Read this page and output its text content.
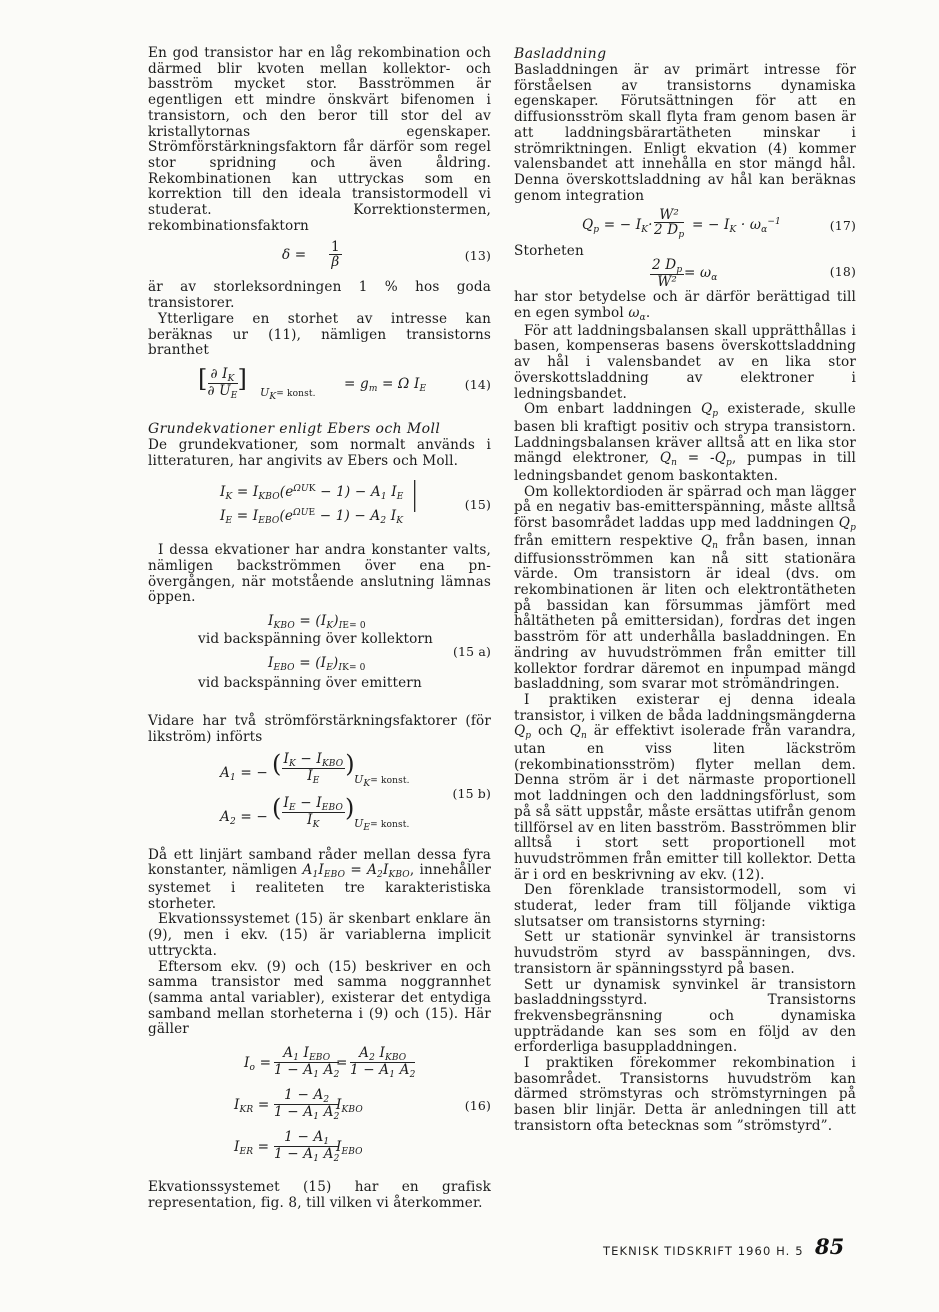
En god transistor har en låg rekombination och därmed blir kvoten mellan kollektor- och basström mycket stor. Basströmmen är egentligen ett mindre önskvärt bifenomen i transistorn, och den beror till stor del av kristallytornas egenskaper. Strömförstärkningsfaktorn får därför som regel stor spridning och även åldring. Rekombinationen kan uttryckas som en korrektion till den ideala transistormodell vi studerat. Korrektionstermen, rekombinationsfaktorn

$\delta = \frac{1}{\beta}$	(13)

är av storleksordningen 1 % hos goda transistorer.

Ytterligare en storhet av intresse kan beräknas ur (11), nämligen transistorns branthet

[ $\frac{\partial I_K}{\partial U_E}$ ] $U_K=$ konst.
= $g_m = \Omega$ $I_E$	(14)
Grundekvationer enligt Ebers och Moll

De grundekvationer, som normalt används i litteraturen, har angivits av Ebers och Moll.

$I_K = I_{KBO}(e^{\Omega UK} - 1) - A_1$ $I_E$
$I_E = I_{EBO}(e^{\Omega UE} - 1) - A_2$ $I_K$
|
|	(15)

I dessa ekvationer har andra konstanter valts, nämligen backströmmen över ena pn-övergången, när motstående anslutning lämnas öppen.

$I_{KBO} = (I_K)_{IE= 0}$
vid backspänning över kollektorn
$I_{EBO} = (I_E)_{IK= 0}$
vid backspänning över emittern
(15 a)

Vidare har två strömförstärkningsfaktorer (för likström) införts

$A_1$ = − ( $\frac{I_K - I_{KBO}}{I_E}$ )
$U_K=$ konst.
$A_2$ = − ( $\frac{I_E - I_{EBO}}{I_K}$ )
$U_E=$ konst.
(15 b)

Då ett linjärt samband råder mellan dessa fyra konstanter, nämligen $A_1I_{EBO} = A_2I_{KBO}$, innehåller systemet i realiteten tre karakteristiska storheter.

Ekvationssystemet (15) är skenbart enklare än (9), men i ekv. (15) är variablerna implicit uttryckta.

Eftersom ekv. (9) och (15) beskriver en och samma transistor med samma noggrannhet (samma antal variabler), existerar det entydiga samband mellan storheterna i (9) och (15). Här gäller

$I_o$ =
$A_1$ $I_{EBO}$
$1 - A_1$ $A_2$
=
$A_2$ $I_{KBO}$
$1 - A_1$ $A_2$
$I_{KR} = \frac{1 - A_2}{1 - A_1 A_2}$
$I_{KBO}$	(16)
$I_{ER} = \frac{1 - A_1}{1 - A_1 A_2}$
$I_{EBO}$

Ekvationssystemet (15) har en grafisk representation, fig. 8, till vilken vi återkommer.

Basladdning

Basladdningen är av primärt intresse för förståelsen av transistorns dynamiska egenskaper. Förutsättningen för att en diffusionsström skall flyta fram genom basen är att laddningsbärartätheten minskar i strömriktningen. Enligt ekvation (4) kommer valensbandet att innehålla en stor mängd hål. Denna överskottsladdning av hål kan beräknas genom integration

$Q_p$ = − $I_K\cdot \frac{\text{W²}}{2 D_p}$ = − $I_K \cdot \omega_\alpha^{-1}$	(17)
Storheten
$\frac{2 D_p}{\text{W²}} = \omega_\alpha$	(18)

har stor betydelse och är därför berättigad till en egen symbol $\omega_\alpha$.

För att laddningsbalansen skall upprätthållas i basen, kompenseras basens överskottsladdning av hål i valensbandet av en lika stor överskottsladdning av elektroner i ledningsbandet.

Om enbart laddningen $Q_p$ existerade, skulle basen bli kraftigt positiv och strypa transistorn. Laddningsbalansen kräver alltså att en lika stor mängd elektroner, $Q_n = -Q_p$, pumpas in till ledningsbandet genom baskontakten.

Om kollektordioden är spärrad och man lägger på en negativ bas-emitterspänning, måste alltså först basområdet laddas upp med laddningen $Q_p$ från emittern respektive $Q_n$ från basen, innan diffusionsströmmen kan nå sitt stationära värde. Om transistorn är ideal (dvs. om rekombinationen är liten och elektrontätheten på bassidan kan försummas jämfört med håltätheten på emittersidan), fordras det ingen basström för att underhålla basladdningen. En ändring av huvudströmmen från emitter till kollektor fordrar däremot en inpumpad mängd basladdning, som svarar mot strömändringen.

I praktiken existerar ej denna ideala transistor, i vilken de båda laddningsmängderna $Q_p$ och $Q_n$ är effektivt isolerade från varandra, utan en viss liten läckström (rekombinationsström) flyter mellan dem. Denna ström är i det närmaste proportionell mot laddningen och den laddningsförlust, som på så sätt uppstår, måste ersättas utifrån genom tillförsel av en liten basström. Basströmmen blir alltså i stort sett proportionell mot huvudströmmen från emitter till kollektor. Detta är i ord en beskrivning av ekv. (12).

Den förenklade transistormodell, som vi studerat, leder fram till följande viktiga slutsatser om transistorns styrning:

Sett ur stationär synvinkel är transistorns huvudström styrd av basspänningen, dvs. transistorn är spänningsstyrd på basen.

Sett ur dynamisk synvinkel är transistorn basladdningsstyrd. Transistorns frekvensbegränsning och dynamiska uppträdande kan ses som en följd av den erforderliga basuppladdningen.

I praktiken förekommer rekombination i basområdet. Transistorns huvudström kan därmed strömstyras och strömstyrningen på basen blir linjär. Detta är anledningen till att transistorn ofta betecknas som ”strömstyrd”.

TEKNISK TIDSKRIFT 1960 H. 5 85
